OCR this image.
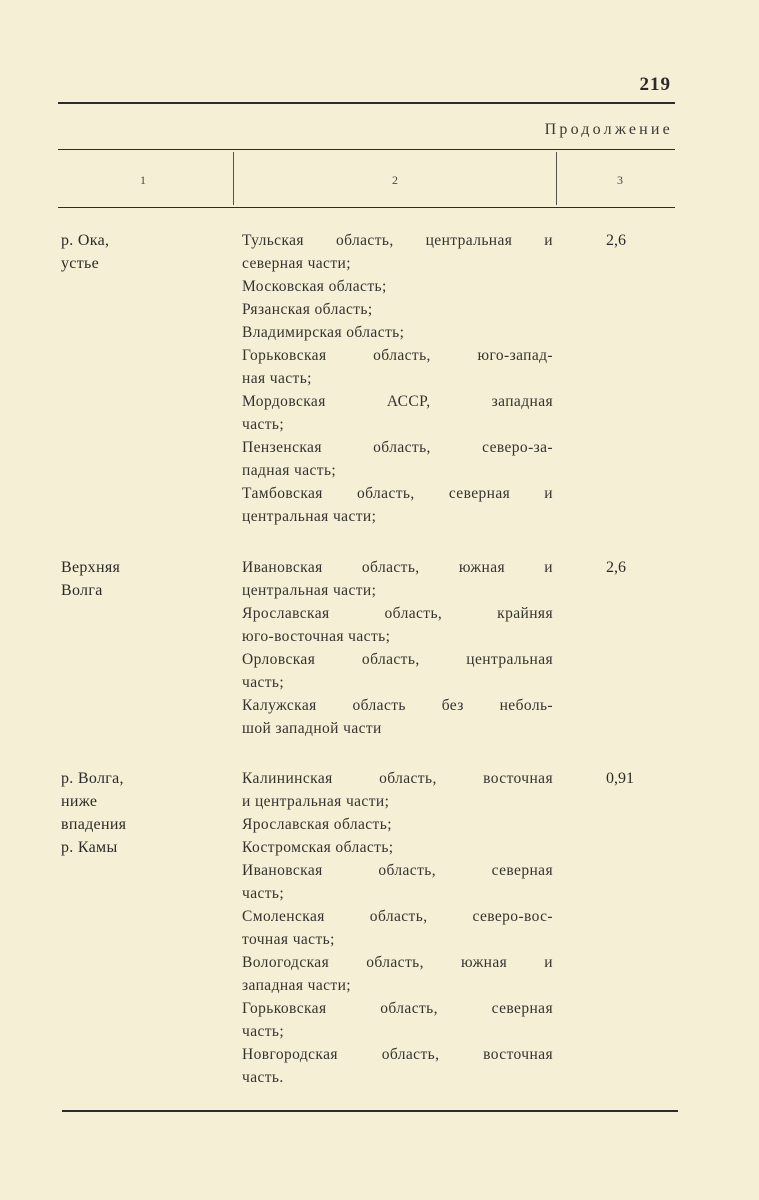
219
Продолжение
1	2	3
р. Ока,
устье
Тульская область, центральная и
северная части;
Московская область;
Рязанская область;
Владимирская область;
Горьковская область, юго-запад-
ная часть;
Мордовская АССР, западная
часть;
Пензенская область, северо-за-
падная часть;
Тамбовская область, северная и
центральная части;
2,6
Верхняя
Волга
Ивановская область, южная и
центральная части;
Ярославская область, крайняя
юго-восточная часть;
Орловская область, центральная
часть;
Калужская область без неболь-
шой западной части
2,6
р. Волга,
ниже
впадения
р. Камы
Калининская область, восточная
и центральная части;
Ярославская область;
Костромская область;
Ивановская область, северная
часть;
Смоленская область, северо-вос-
точная часть;
Вологодская область, южная и
западная части;
Горьковская область, северная
часть;
Новгородская область, восточная
часть.
0,91
